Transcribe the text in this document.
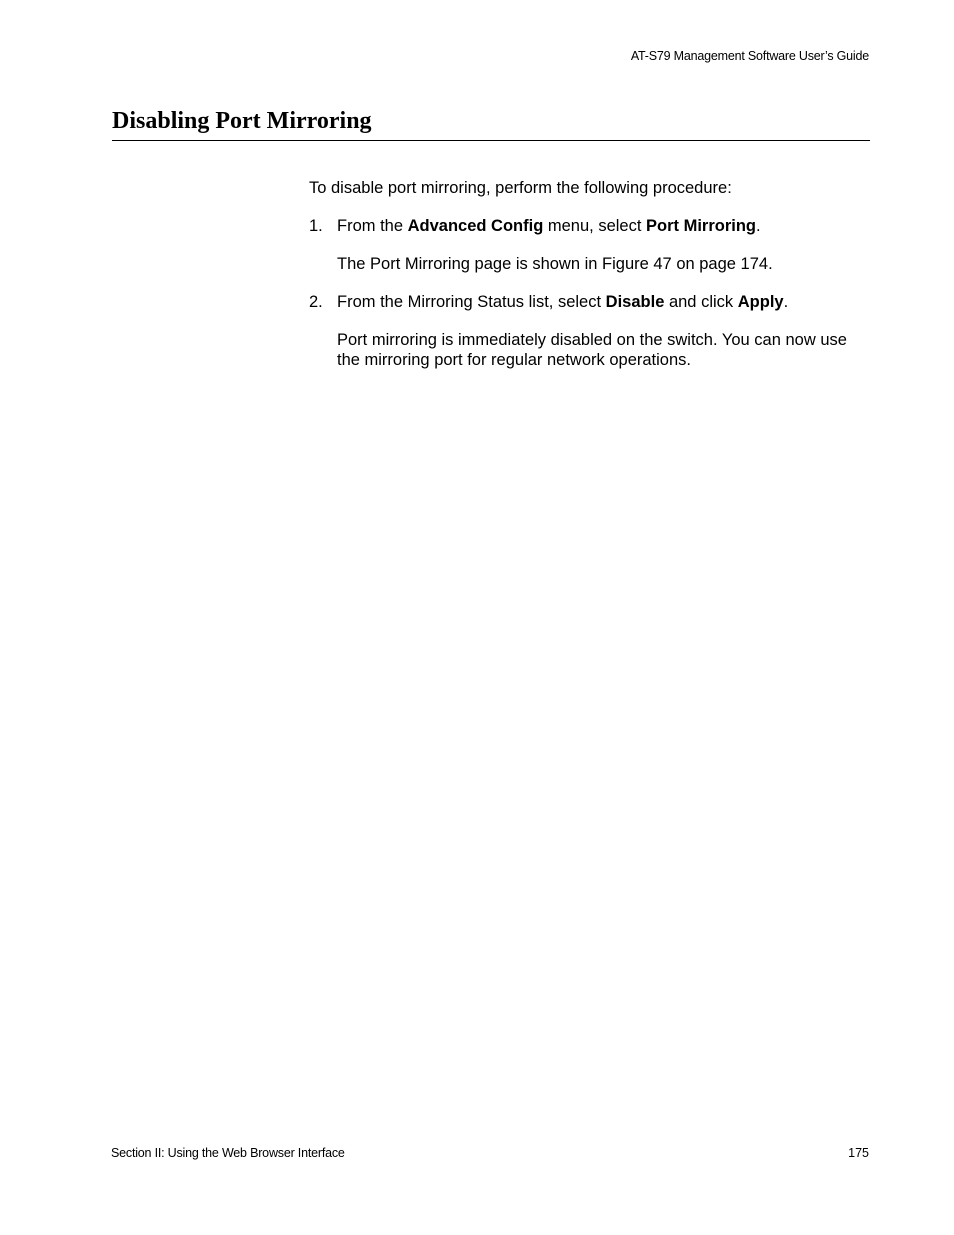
AT-S79 Management Software User’s Guide
Disabling Port Mirroring

To disable port mirroring, perform the following procedure:

1. From the Advanced Config menu, select Port Mirroring.

The Port Mirroring page is shown in Figure 47 on page 174.

2. From the Mirroring Status list, select Disable and click Apply.

Port mirroring is immediately disabled on the switch. You can now use the mirroring port for regular network operations.

Section II: Using the Web Browser Interface	175
